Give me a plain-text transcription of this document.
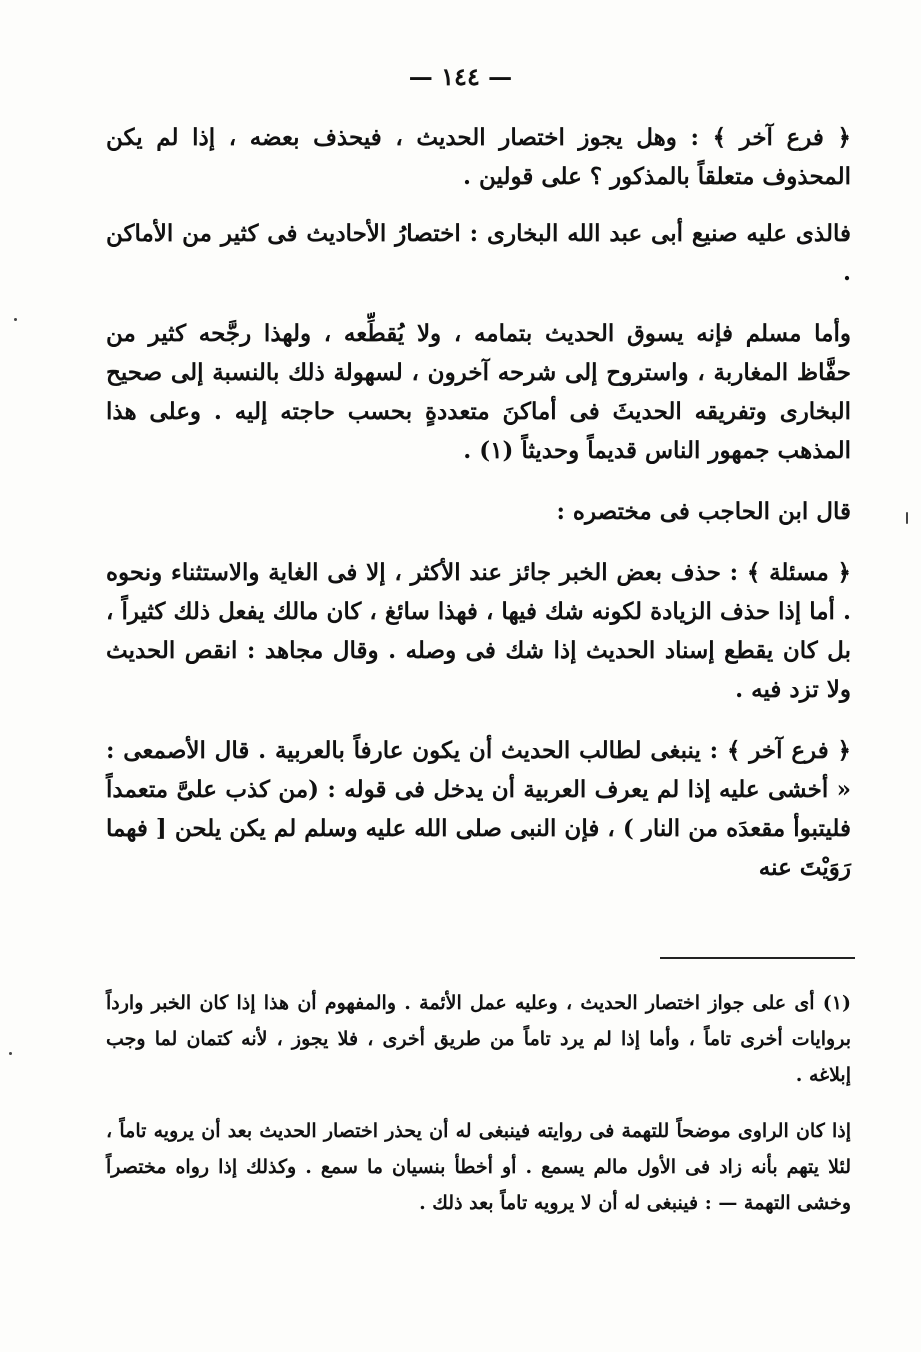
— ١٤٤ —

﴿ فرع آخر ﴾ : وهل يجوز اختصار الحديث ، فيحذف بعضه ، إذا لم يكن المحذوف متعلقاً بالمذكور ؟ على قولين .

فالذى عليه صنيع أبى عبد الله البخارى : اختصارُ الأحاديث فى كثير من الأماكن .

وأما مسلم فإنه يسوق الحديث بتمامه ، ولا يُقطِّعه ، ولهذا رجَّحه كثير من حفَّاظ المغاربة ، واستروح إلى شرحه آخرون ، لسهولة ذلك بالنسبة إلى صحيح البخارى وتفريقه الحديثَ فى أماكنَ متعددةٍ بحسب حاجته إليه . وعلى هذا المذهب جمهور الناس قديماً وحديثاً (١) .

قال ابن الحاجب فى مختصره :

﴿ مسئلة ﴾ : حذف بعض الخبر جائز عند الأكثر ، إلا فى الغاية والاستثناء ونحوه . أما إذا حذف الزيادة لكونه شك فيها ، فهذا سائغ ، كان مالك يفعل ذلك كثيراً ، بل كان يقطع إسناد الحديث إذا شك فى وصله . وقال مجاهد : انقص الحديث ولا تزد فيه .

﴿ فرع آخر ﴾ : ينبغى لطالب الحديث أن يكون عارفاً بالعربية . قال الأصمعى : « أخشى عليه إذا لم يعرف العربية أن يدخل فى قوله : (من كذب علىَّ متعمداً فليتبوأ مقعدَه من النار ) ، فإن النبى صلى الله عليه وسلم لم يكن يلحن [ فهما رَوَيْتَ عنه

(١) أى على جواز اختصار الحديث ، وعليه عمل الأئمة . والمفهوم أن هذا إذا كان الخبر وارداً بروايات أخرى تاماً ، وأما إذا لم يرد تاماً من طريق أخرى ، فلا يجوز ، لأنه كتمان لما وجب إبلاغه .

إذا كان الراوى موضحاً للتهمة فى روايته فينبغى له أن يحذر اختصار الحديث بعد أن يرويه تاماً ، لئلا يتهم بأنه زاد فى الأول مالم يسمع . أو أخطأ بنسيان ما سمع . وكذلك إذا رواه مختصراً وخشى التهمة — : فينبغى له أن لا يرويه تاماً بعد ذلك .
